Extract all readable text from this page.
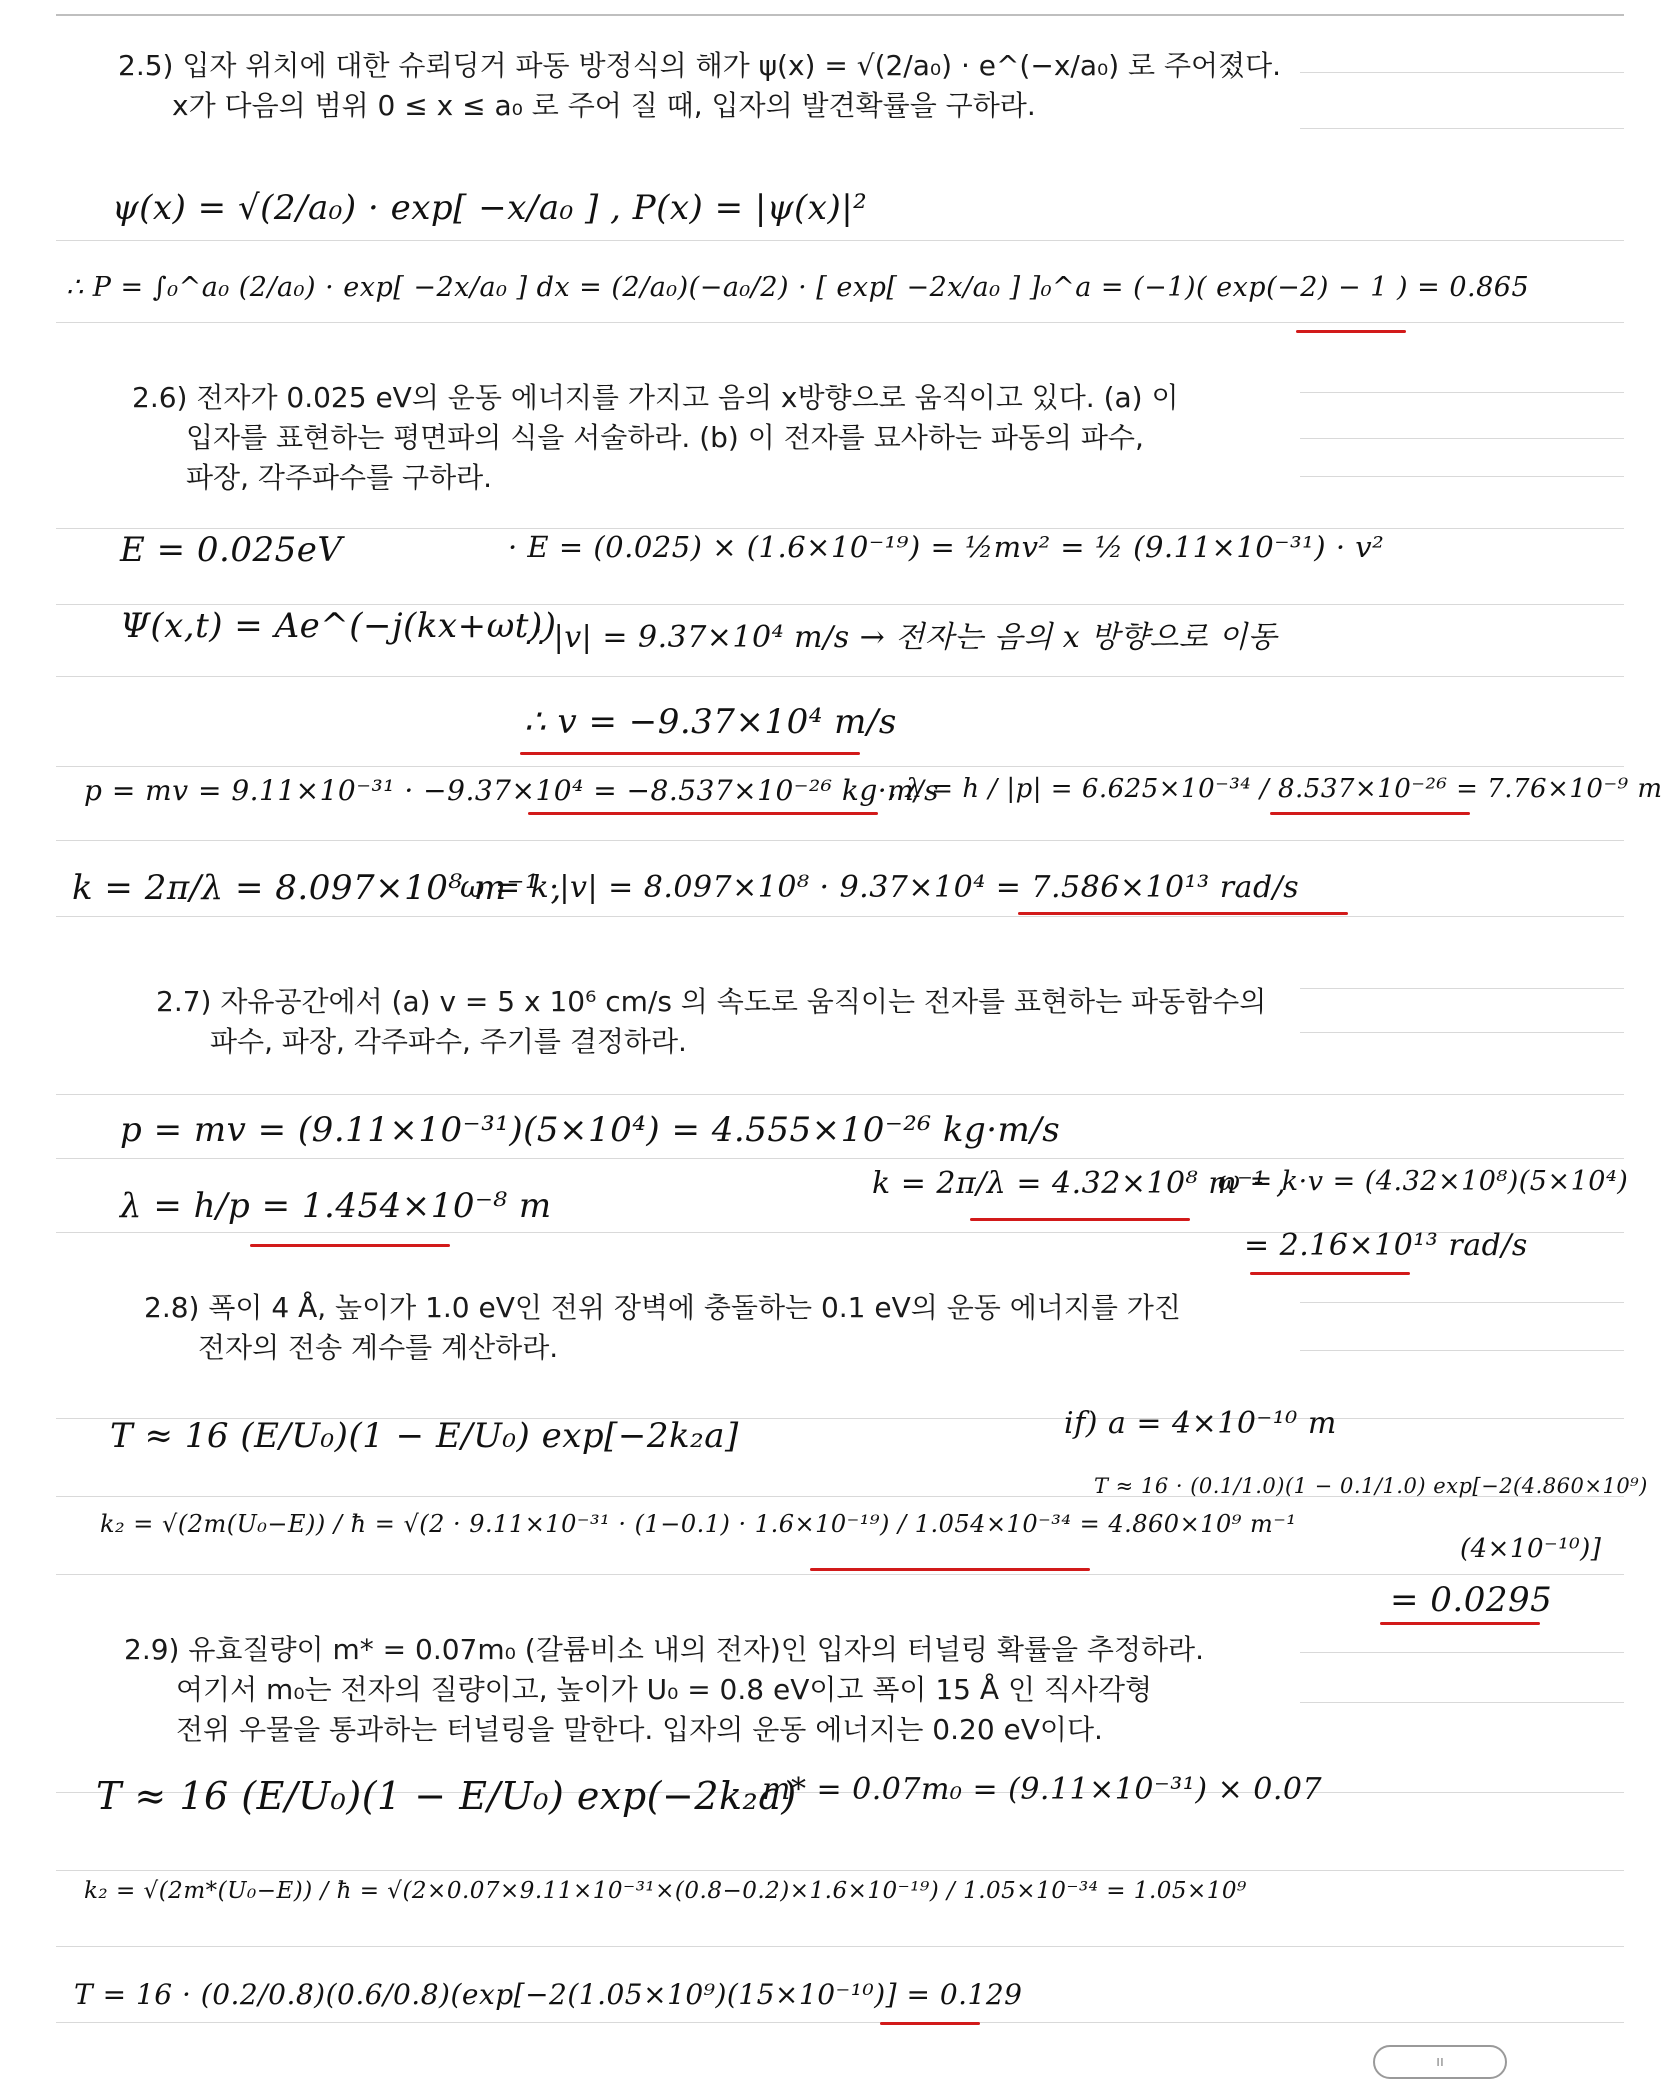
2.5) 입자 위치에 대한 슈뢰딩거 파동 방정식의 해가 ψ(x) = √(2/a₀) · e^(−x/a₀) 로 주어졌다.
x가 다음의 범위 0 ≤ x ≤ a₀ 로 주어 질 때, 입자의 발견확률을 구하라.
ψ(x) = √(2/a₀) · exp[ −x/a₀ ] , P(x) = |ψ(x)|²
∴ P = ∫₀^a₀ (2/a₀) · exp[ −2x/a₀ ] dx = (2/a₀)(−a₀/2) · [ exp[ −2x/a₀ ] ]₀^a = (−1)( exp(−2) − 1 ) = 0.865
2.6) 전자가 0.025 eV의 운동 에너지를 가지고 음의 x방향으로 움직이고 있다. (a) 이
입자를 표현하는 평면파의 식을 서술하라. (b) 이 전자를 묘사하는 파동의 파수,
파장, 각주파수를 구하라.
E = 0.025eV
Ψ(x,t) = Ae^(−j(kx+ωt))
· E = (0.025) × (1.6×10⁻¹⁹) = ½mv² = ½ (9.11×10⁻³¹) · v²
∴ |v| = 9.37×10⁴ m/s → 전자는 음의 x 방향으로 이동
∴ v = −9.37×10⁴ m/s
p = mv = 9.11×10⁻³¹ · −9.37×10⁴ = −8.537×10⁻²⁶ kg·m/s
, λ = h / |p| = 6.625×10⁻³⁴ / 8.537×10⁻²⁶ = 7.76×10⁻⁹ m
k = 2π/λ = 8.097×10⁸ m⁻¹ ,
ω = k·|v| = 8.097×10⁸ · 9.37×10⁴ = 7.586×10¹³ rad/s
2.7) 자유공간에서 (a) v = 5 x 10⁶ cm/s 의 속도로 움직이는 전자를 표현하는 파동함수의
파수, 파장, 각주파수, 주기를 결정하라.
p = mv = (9.11×10⁻³¹)(5×10⁴) = 4.555×10⁻²⁶ kg·m/s
λ = h/p = 1.454×10⁻⁸ m
k = 2π/λ = 4.32×10⁸ m⁻¹ ,
ω = k·v = (4.32×10⁸)(5×10⁴)
= 2.16×10¹³ rad/s
2.8) 폭이 4 Å, 높이가 1.0 eV인 전위 장벽에 충돌하는 0.1 eV의 운동 에너지를 가진
전자의 전송 계수를 계산하라.
T ≈ 16 (E/U₀)(1 − E/U₀) exp[−2k₂a]
k₂ = √(2m(U₀−E)) / ħ = √(2 · 9.11×10⁻³¹ · (1−0.1) · 1.6×10⁻¹⁹) / 1.054×10⁻³⁴ = 4.860×10⁹ m⁻¹
if) a = 4×10⁻¹⁰ m
T ≈ 16 · (0.1/1.0)(1 − 0.1/1.0) exp[−2(4.860×10⁹)
(4×10⁻¹⁰)]
= 0.0295
2.9) 유효질량이 m* = 0.07m₀ (갈륨비소 내의 전자)인 입자의 터널링 확률을 추정하라.
여기서 m₀는 전자의 질량이고, 높이가 U₀ = 0.8 eV이고 폭이 15 Å 인 직사각형
전위 우물을 통과하는 터널링을 말한다. 입자의 운동 에너지는 0.20 eV이다.
T ≈ 16 (E/U₀)(1 − E/U₀) exp(−2k₂a)
m* = 0.07m₀ = (9.11×10⁻³¹) × 0.07
k₂ = √(2m*(U₀−E)) / ħ = √(2×0.07×9.11×10⁻³¹×(0.8−0.2)×1.6×10⁻¹⁹) / 1.05×10⁻³⁴ = 1.05×10⁹
T = 16 · (0.2/0.8)(0.6/0.8)(exp[−2(1.05×10⁹)(15×10⁻¹⁰)] = 0.129
ıı
